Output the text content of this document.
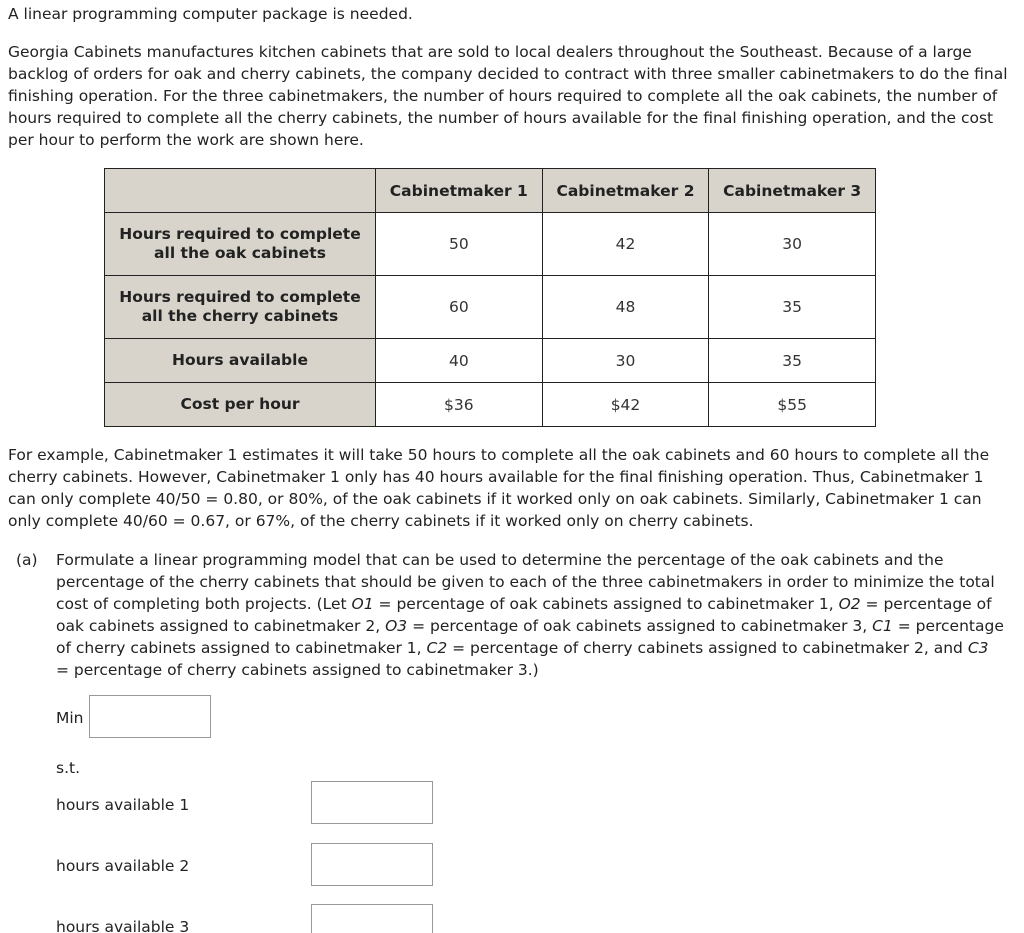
A linear programming computer package is needed.

Georgia Cabinets manufactures kitchen cabinets that are sold to local dealers throughout the Southeast. Because of a large backlog of orders for oak and cherry cabinets, the company decided to contract with three smaller cabinetmakers to do the final finishing operation. For the three cabinetmakers, the number of hours required to complete all the oak cabinets, the number of hours required to complete all the cherry cabinets, the number of hours available for the final finishing operation, and the cost per hour to perform the work are shown here.

	Cabinetmaker 1	Cabinetmaker 2	Cabinetmaker 3
Hours required to complete
all the oak cabinets	50	42	30
Hours required to complete
all the cherry cabinets	60	48	35
Hours available	40	30	35
Cost per hour	$36	$42	$55

For example, Cabinetmaker 1 estimates it will take 50 hours to complete all the oak cabinets and 60 hours to complete all the cherry cabinets. However, Cabinetmaker 1 only has 40 hours available for the final finishing operation. Thus, Cabinetmaker 1 can only complete 40/50 = 0.80, or 80%, of the oak cabinets if it worked only on oak cabinets. Similarly, Cabinetmaker 1 can only complete 40/60 = 0.67, or 67%, of the cherry cabinets if it worked only on cherry cabinets.

(a) Formulate a linear programming model that can be used to determine the percentage of the oak cabinets and the percentage of the cherry cabinets that should be given to each of the three cabinetmakers in order to minimize the total cost of completing both projects. (Let O1 = percentage of oak cabinets assigned to cabinetmaker 1, O2 = percentage of oak cabinets assigned to cabinetmaker 2, O3 = percentage of oak cabinets assigned to cabinetmaker 3, C1 = percentage of cherry cabinets assigned to cabinetmaker 1, C2 = percentage of cherry cabinets assigned to cabinetmaker 2, and C3 = percentage of cherry cabinets assigned to cabinetmaker 3.)
Min
s.t.
hours available 1
hours available 2
hours available 3
